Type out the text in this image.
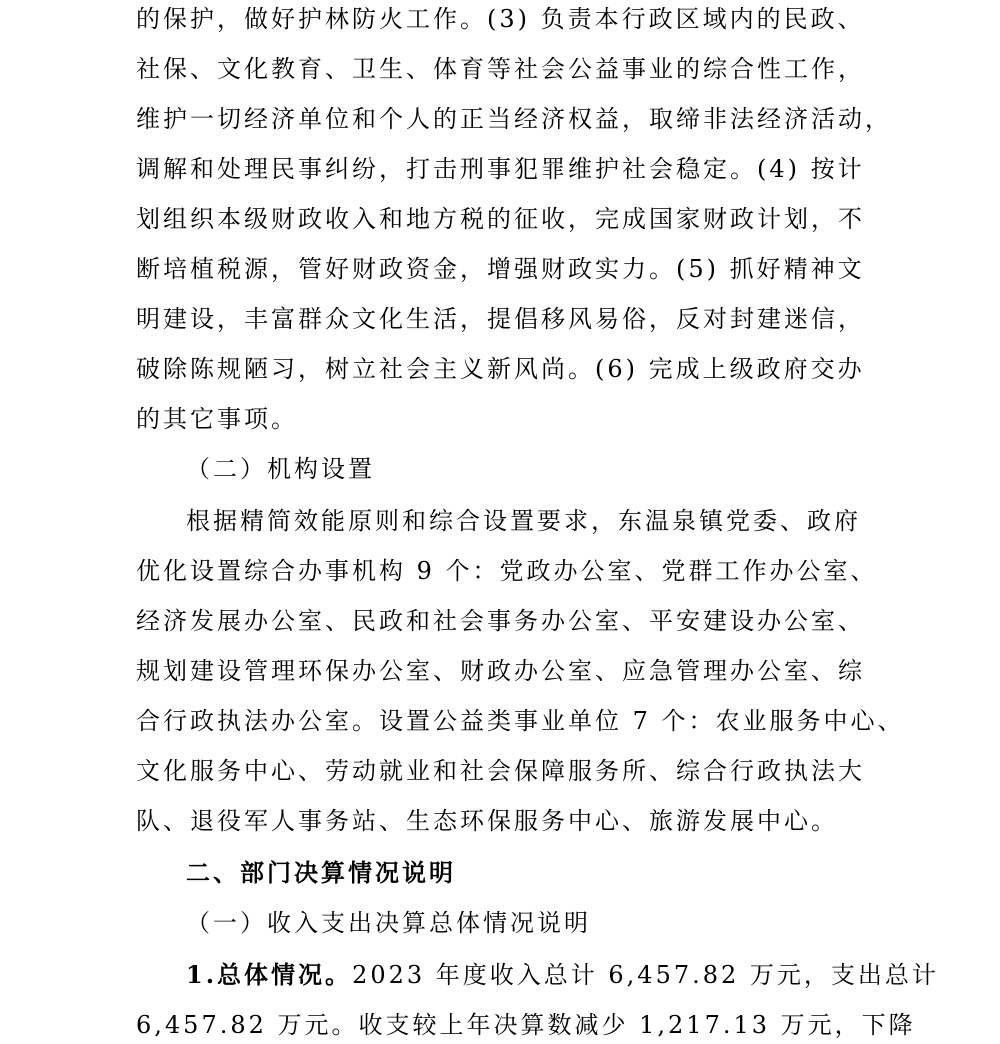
的保护，做好护林防火工作。(3) 负责本行政区域内的民政、
社保、文化教育、卫生、体育等社会公益事业的综合性工作，
维护一切经济单位和个人的正当经济权益，取缔非法经济活动，
调解和处理民事纠纷，打击刑事犯罪维护社会稳定。(4) 按计
划组织本级财政收入和地方税的征收，完成国家财政计划，不
断培植税源，管好财政资金，增强财政实力。(5) 抓好精神文
明建设，丰富群众文化生活，提倡移风易俗，反对封建迷信，
破除陈规陋习，树立社会主义新风尚。(6) 完成上级政府交办
的其它事项。
（二）机构设置
根据精简效能原则和综合设置要求，东温泉镇党委、政府
优化设置综合办事机构 9 个：党政办公室、党群工作办公室、
经济发展办公室、民政和社会事务办公室、平安建设办公室、
规划建设管理环保办公室、财政办公室、应急管理办公室、综
合行政执法办公室。设置公益类事业单位 7 个：农业服务中心、
文化服务中心、劳动就业和社会保障服务所、综合行政执法大
队、退役军人事务站、生态环保服务中心、旅游发展中心。
二、部门决算情况说明
（一）收入支出决算总体情况说明
1.总体情况。2023 年度收入总计 6,457.82 万元，支出总计
6,457.82 万元。收支较上年决算数减少 1,217.13 万元，下降
